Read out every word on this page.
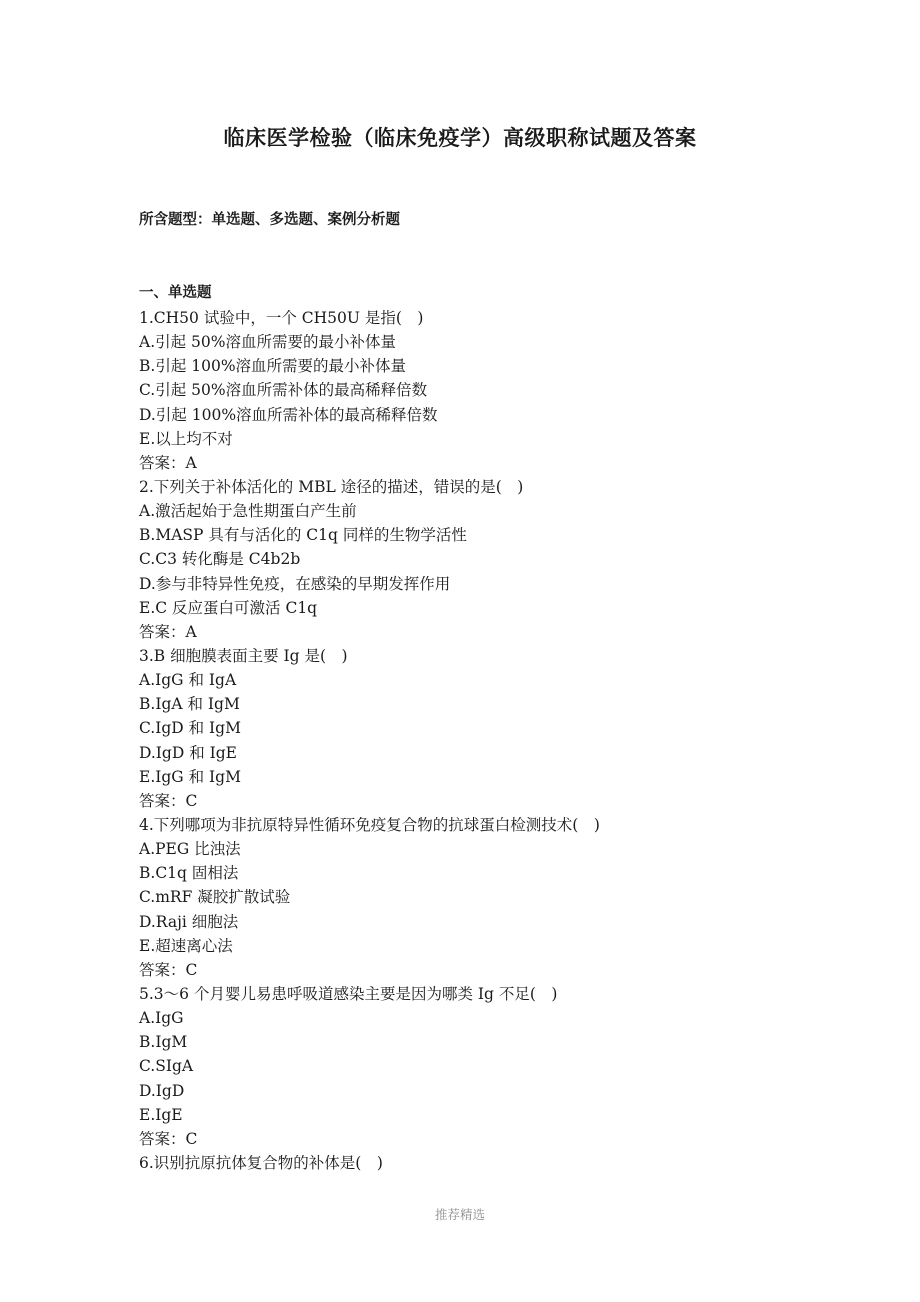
临床医学检验（临床免疫学）高级职称试题及答案
所含题型：单选题、多选题、案例分析题
一、单选题
1.CH50 试验中，一个 CH50U 是指(　)
A.引起 50%溶血所需要的最小补体量
B.引起 100%溶血所需要的最小补体量
C.引起 50%溶血所需补体的最高稀释倍数
D.引起 100%溶血所需补体的最高稀释倍数
E.以上均不对
答案：A
2.下列关于补体活化的 MBL 途径的描述，错误的是(　)
A.激活起始于急性期蛋白产生前
B.MASP 具有与活化的 C1q 同样的生物学活性
C.C3 转化酶是 C4b2b
D.参与非特异性免疫，在感染的早期发挥作用
E.C 反应蛋白可激活 C1q
答案：A
3.B 细胞膜表面主要 Ig 是(　)
A.IgG 和 IgA
B.IgA 和 IgM
C.IgD 和 IgM
D.IgD 和 IgE
E.IgG 和 IgM
答案：C
4.下列哪项为非抗原特异性循环免疫复合物的抗球蛋白检测技术(　)
A.PEG 比浊法
B.C1q 固相法
C.mRF 凝胶扩散试验
D.Raji 细胞法
E.超速离心法
答案：C
5.3～6 个月婴儿易患呼吸道感染主要是因为哪类 Ig 不足(　)
A.IgG
B.IgM
C.SIgA
D.IgD
E.IgE
答案：C
6.识别抗原抗体复合物的补体是(　)
推荐精选
